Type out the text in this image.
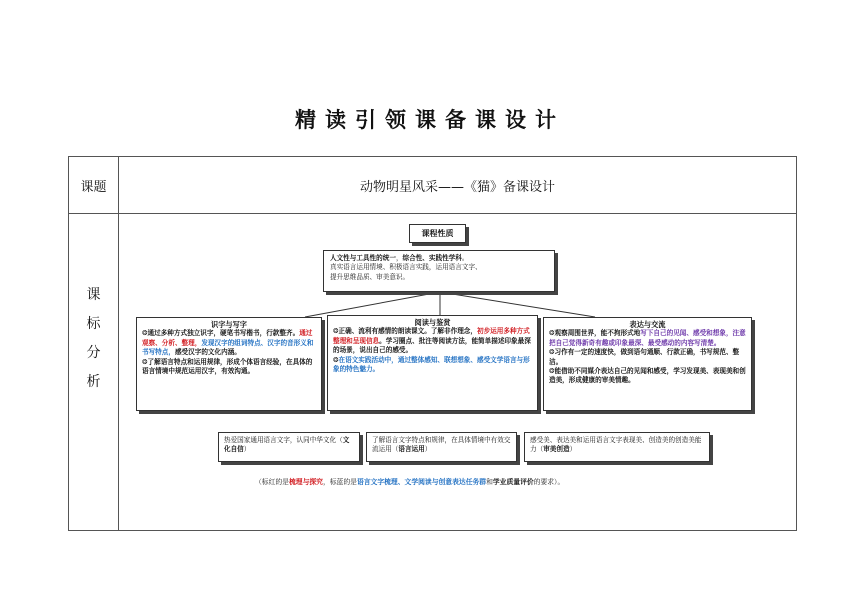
精读引领课备课设计
课题	动物明星风采——《猫》备课设计
课
标
分
析
课程性质
人文性与工具性的统一，综合性、实践性学科。
真实语言运用情境、积极语言实践，运用语言文字、
提升思维品质、审美意识。
识字与写字
❂通过多种方式独立识字，硬笔书写楷书，行款整齐。通过观察、分析、整理，发现汉字的组词特点、汉字的音形义和书写特点，感受汉字的文化内涵。
❂了解语言特点和运用规律，形成个体语言经验，在具体的语言情境中规范运用汉字，有效沟通。
阅读与鉴赏
❂正确、流利有感情的朗读课文。了解非作理念，初步运用多种方式整理和呈现信息。学习圈点、批注等阅读方法，能简单描述印象最深的场景，说出自己的感受。
❂在语文实践活动中，通过整体感知、联想想象、感受文学语言与形象的特色魅力。
表达与交流
❂观察周围世界，能不拘形式地写下自己的见闻、感受和想象，注意把自己觉得新奇有趣或印象最深、最受感动的内容写清楚。
❂习作有一定的速度快，做到语句通顺、行款正确，书写规范、整洁。
❂能借助不同媒介表达自己的见闻和感受，学习发现美、表现美和创造美，形成健康的审美情趣。
热爱国家通用语言文字，认同中华文化（文化自信）
了解语言文字特点和规律，在具体情境中有效交流运用（语言运用）
感受美、表达美和运用语言文字表现美、创造美的创造美能力（审美创造）
（标红的是梳理与探究，标蓝的是语言文字梳理、文学阅读与创意表达任务群和学业质量评价的要求）。
